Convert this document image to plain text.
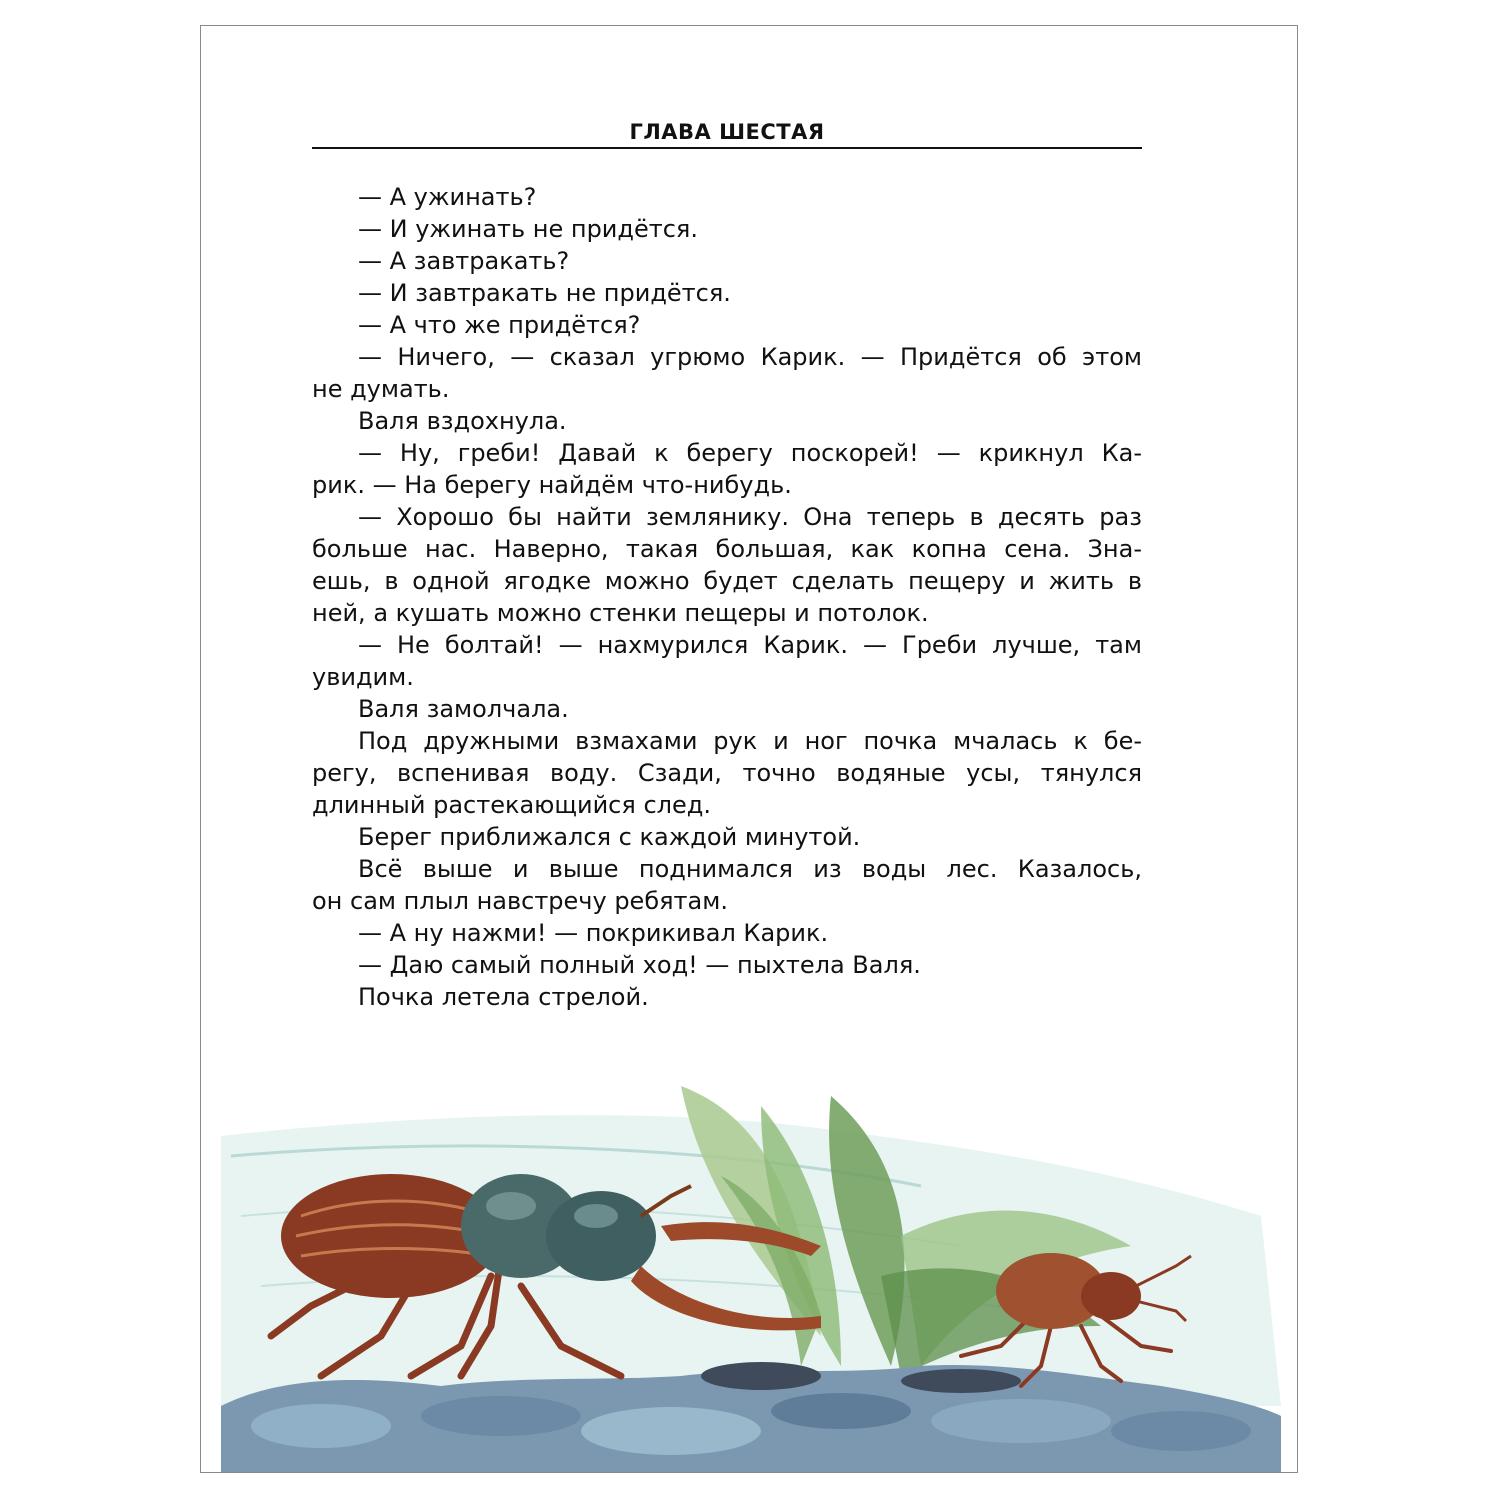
ГЛАВА ШЕСТАЯ
— А ужинать?
— И ужинать не придётся.
— А завтракать?
— И завтракать не придётся.
— А что же придётся?
— Ничего, — сказал угрюмо Карик. — Придётся об этом
не думать.
Валя вздохнула.
— Ну, греби! Давай к берегу поскорей! — крикнул Ка-
рик. — На берегу найдём что-нибудь.
— Хорошо бы найти землянику. Она теперь в десять раз
больше нас. Наверно, такая большая, как копна сена. Зна-
ешь, в одной ягодке можно будет сделать пещеру и жить в
ней, а кушать можно стенки пещеры и потолок.
— Не болтай! — нахмурился Карик. — Греби лучше, там
увидим.
Валя замолчала.
Под дружными взмахами рук и ног почка мчалась к бе-
регу, вспенивая воду. Сзади, точно водяные усы, тянулся
длинный растекающийся след.
Берег приближался с каждой минутой.
Всё выше и выше поднимался из воды лес. Казалось,
он сам плыл навстречу ребятам.
— А ну нажми! — покрикивал Карик.
— Даю самый полный ход! — пыхтела Валя.
Почка летела стрелой.
